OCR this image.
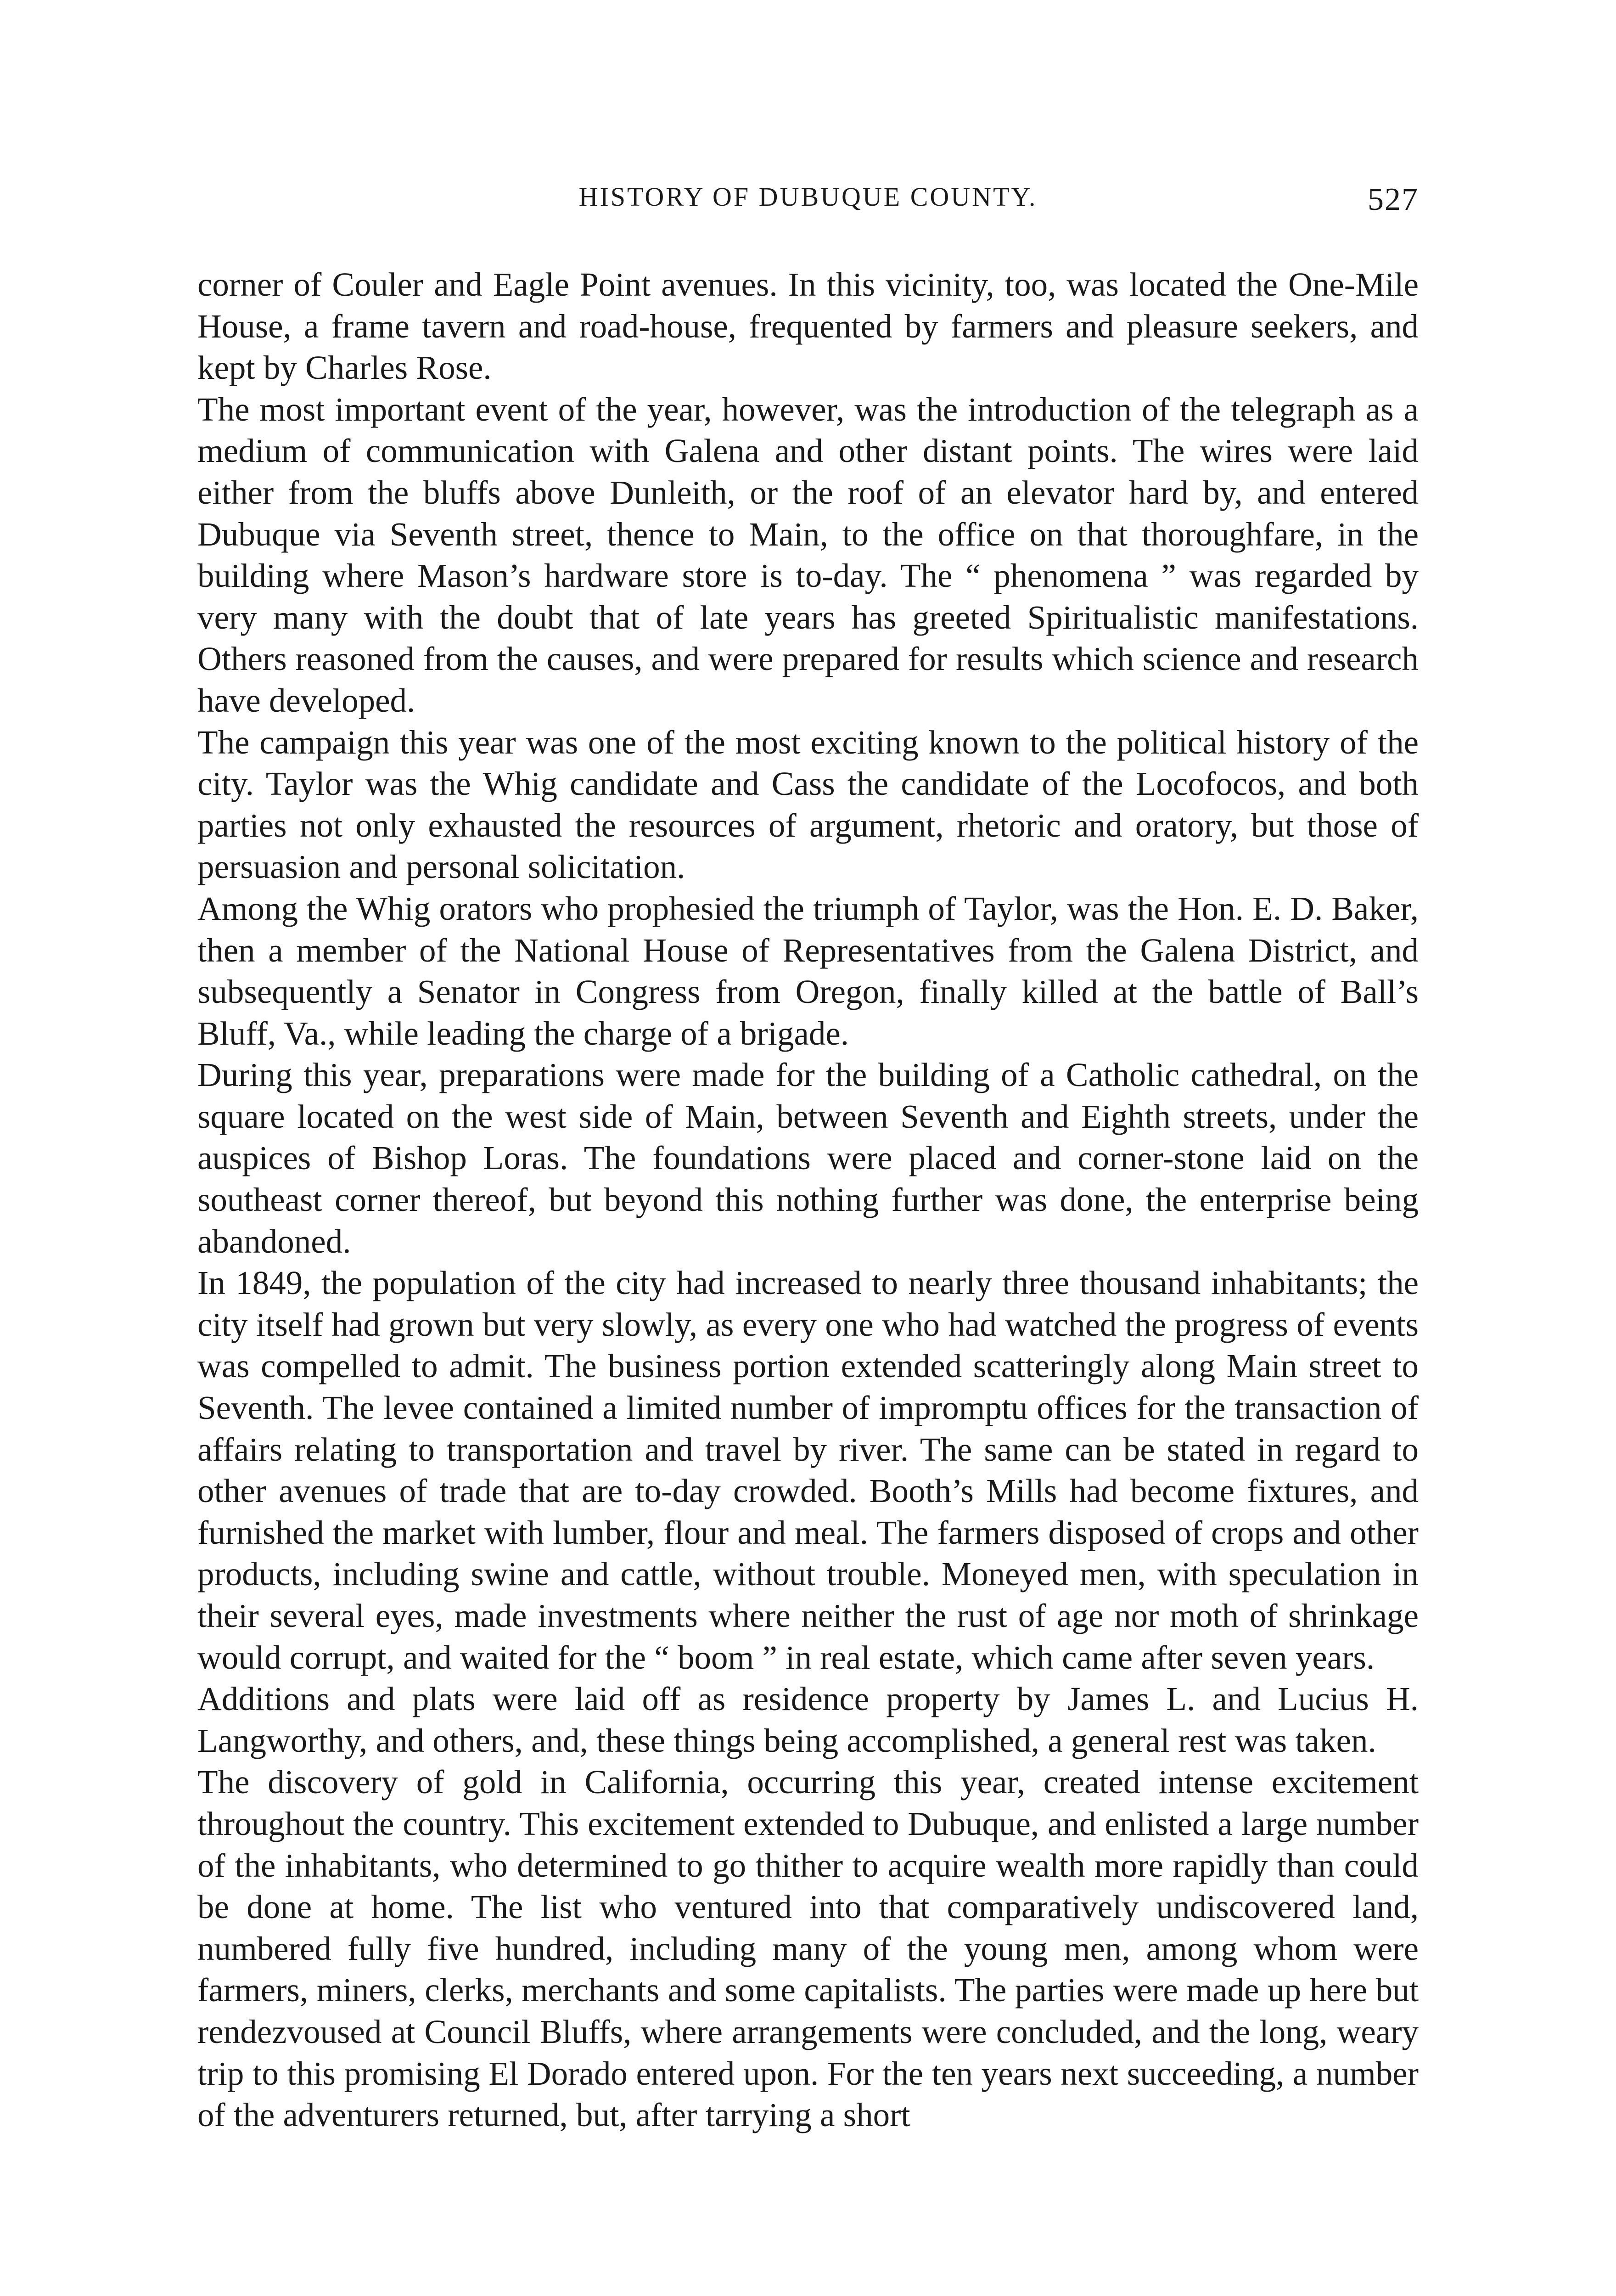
HISTORY OF DUBUQUE COUNTY.	527

corner of Couler and Eagle Point avenues. In this vicinity, too, was located the One-Mile House, a frame tavern and road-house, frequented by farmers and pleasure seekers, and kept by Charles Rose.

The most important event of the year, however, was the introduction of the telegraph as a medium of communication with Galena and other distant points. The wires were laid either from the bluffs above Dunleith, or the roof of an elevator hard by, and entered Dubuque via Seventh street, thence to Main, to the office on that thoroughfare, in the building where Mason’s hardware store is to-day. The “ phenomena ” was regarded by very many with the doubt that of late years has greeted Spiritualistic manifestations. Others reasoned from the causes, and were prepared for results which science and research have developed.

The campaign this year was one of the most exciting known to the political history of the city. Taylor was the Whig candidate and Cass the candidate of the Locofocos, and both parties not only exhausted the resources of argument, rhetoric and oratory, but those of persuasion and personal solicitation.

Among the Whig orators who prophesied the triumph of Taylor, was the Hon. E. D. Baker, then a member of the National House of Representatives from the Galena District, and subsequently a Senator in Congress from Oregon, finally killed at the battle of Ball’s Bluff, Va., while leading the charge of a brigade.

During this year, preparations were made for the building of a Catholic cathedral, on the square located on the west side of Main, between Seventh and Eighth streets, under the auspices of Bishop Loras. The foundations were placed and corner-stone laid on the southeast corner thereof, but beyond this nothing further was done, the enterprise being abandoned.

In 1849, the population of the city had increased to nearly three thousand inhabitants; the city itself had grown but very slowly, as every one who had watched the progress of events was compelled to admit. The business portion extended scatteringly along Main street to Seventh. The levee contained a limited number of impromptu offices for the transaction of affairs relating to transportation and travel by river. The same can be stated in regard to other avenues of trade that are to-day crowded. Booth’s Mills had become fixtures, and furnished the market with lumber, flour and meal. The farmers disposed of crops and other products, including swine and cattle, without trouble. Moneyed men, with speculation in their several eyes, made investments where neither the rust of age nor moth of shrinkage would corrupt, and waited for the “ boom ” in real estate, which came after seven years.

Additions and plats were laid off as residence property by James L. and Lucius H. Langworthy, and others, and, these things being accomplished, a general rest was taken.

The discovery of gold in California, occurring this year, created intense excitement throughout the country. This excitement extended to Dubuque, and enlisted a large number of the inhabitants, who determined to go thither to acquire wealth more rapidly than could be done at home. The list who ventured into that comparatively undiscovered land, numbered fully five hundred, including many of the young men, among whom were farmers, miners, clerks, merchants and some capitalists. The parties were made up here but rendezvoused at Council Bluffs, where arrangements were concluded, and the long, weary trip to this promising El Dorado entered upon. For the ten years next succeeding, a number of the adventurers returned, but, after tarrying a short
